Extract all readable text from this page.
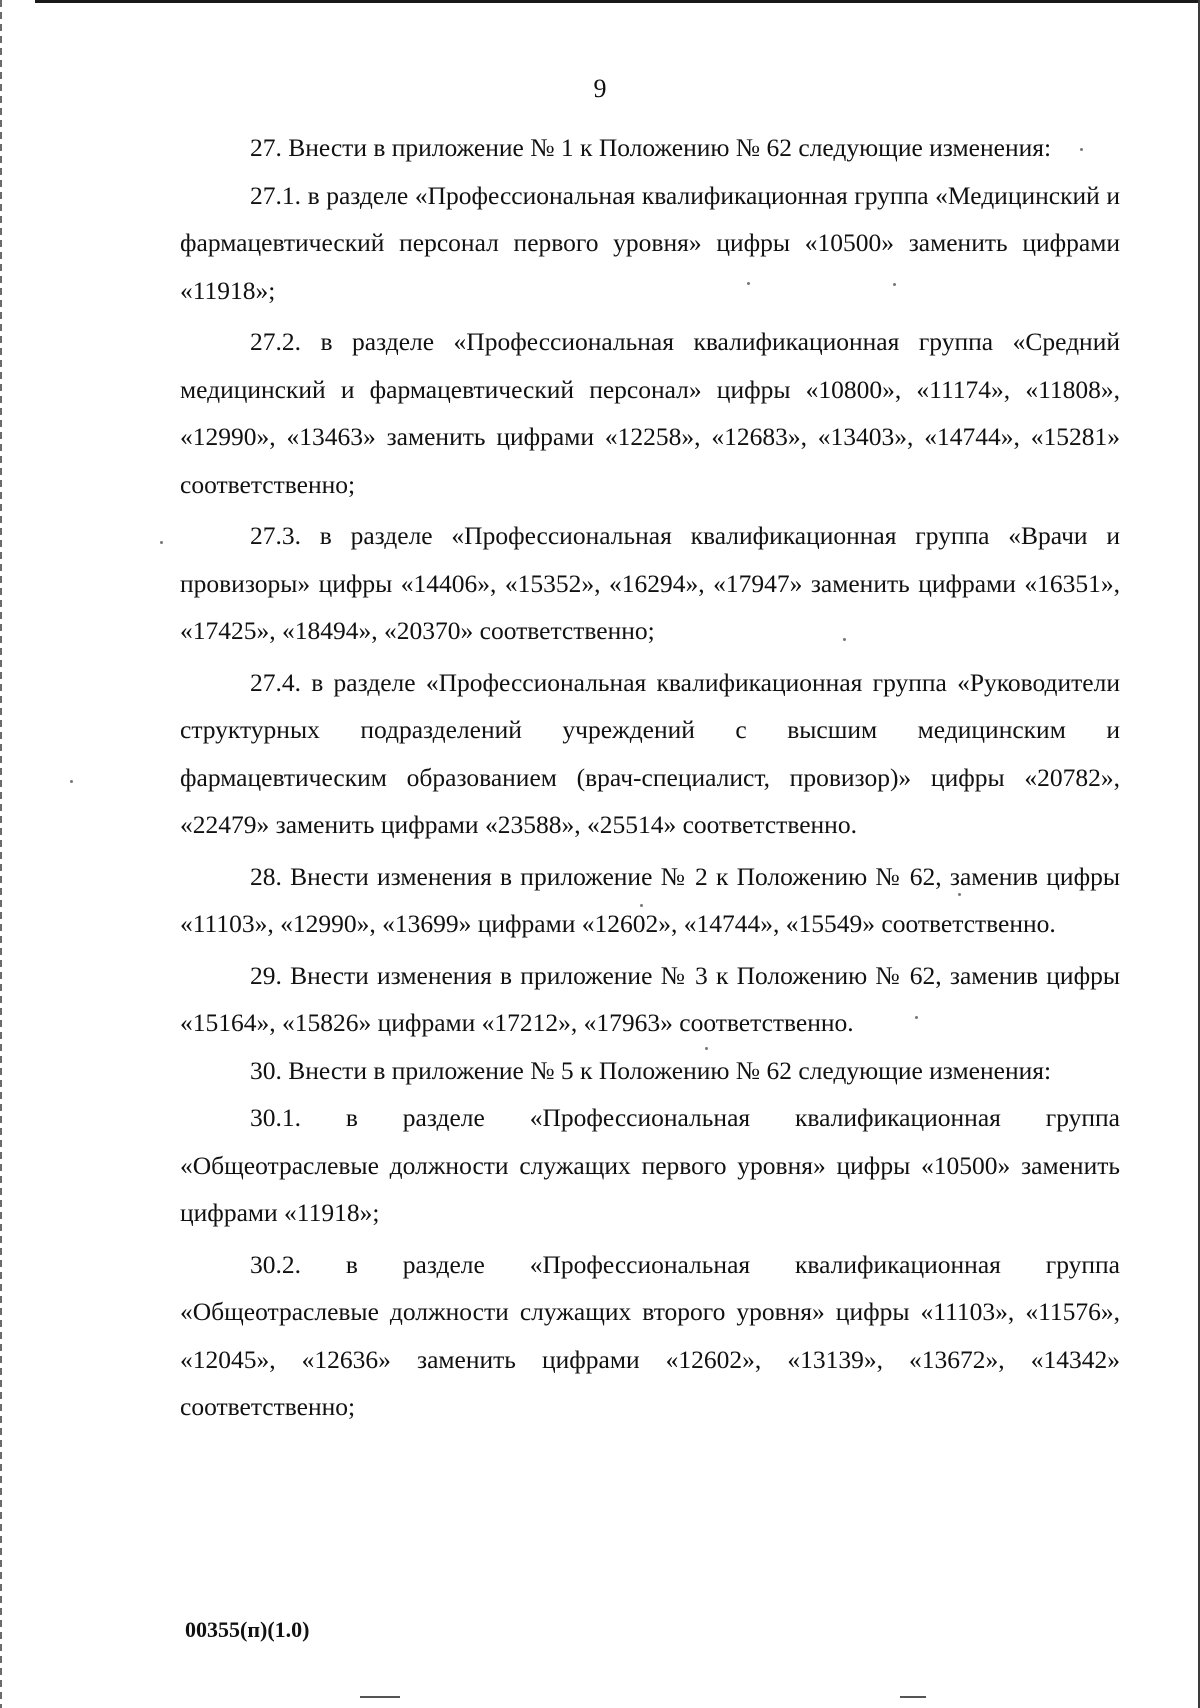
9

27. Внести в приложение № 1 к Положению № 62 следующие изменения:

27.1. в разделе «Профессиональная квалификационная группа «Медицинский и фармацевтический персонал первого уровня» цифры «10500» заменить цифрами «11918»;

27.2. в разделе «Профессиональная квалификационная группа «Средний медицинский и фармацевтический персонал» цифры «10800», «11174», «11808», «12990», «13463» заменить цифрами «12258», «12683», «13403», «14744», «15281» соответственно;

27.3. в разделе «Профессиональная квалификационная группа «Врачи и провизоры» цифры «14406», «15352», «16294», «17947» заменить цифрами «16351», «17425», «18494», «20370» соответственно;

27.4. в разделе «Профессиональная квалификационная группа «Руководители структурных подразделений учреждений с высшим медицинским и фармацевтическим образованием (врач-специалист, провизор)» цифры «20782», «22479» заменить цифрами «23588», «25514» соответственно.

28. Внести изменения в приложение № 2 к Положению № 62, заменив цифры «11103», «12990», «13699» цифрами «12602», «14744», «15549» соответственно.

29. Внести изменения в приложение № 3 к Положению № 62, заменив цифры «15164», «15826» цифрами «17212», «17963» соответственно.

30. Внести в приложение № 5 к Положению № 62 следующие изменения:

30.1. в разделе «Профессиональная квалификационная группа «Общеотраслевые должности служащих первого уровня» цифры «10500» заменить цифрами «11918»;

30.2. в разделе «Профессиональная квалификационная группа «Общеотраслевые должности служащих второго уровня» цифры «11103», «11576», «12045», «12636» заменить цифрами «12602», «13139», «13672», «14342» соответственно;

00355(п)(1.0)
